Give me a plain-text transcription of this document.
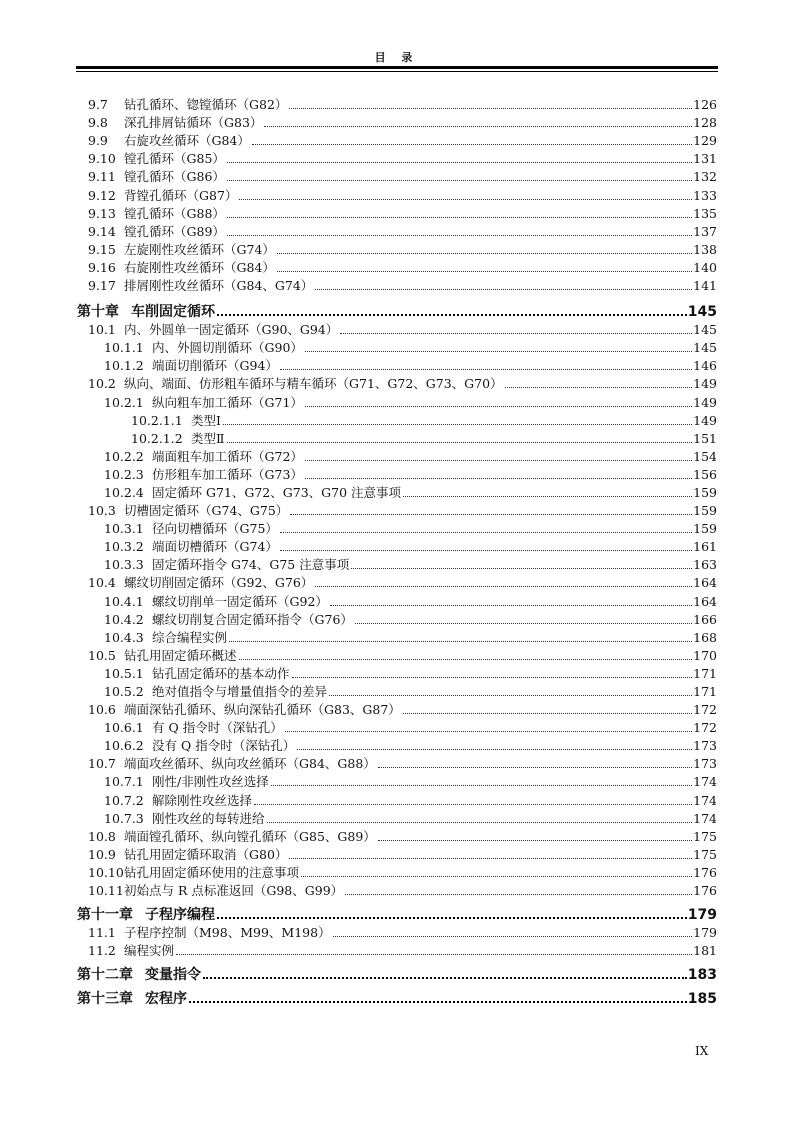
目 录
9.7	钻孔循环、锪镗循环（G82）	126
9.8	深孔排屑钻循环（G83）	128
9.9	右旋攻丝循环（G84）	129
9.10 镗孔循环（G85）	131
9.11 镗孔循环（G86）	132
9.12 背镗孔循环（G87）	133
9.13 镗孔循环（G88）	135
9.14 镗孔循环（G89）	137
9.15 左旋刚性攻丝循环（G74）	138
9.16 右旋刚性攻丝循环（G84）	140
9.17 排屑刚性攻丝循环（G84、G74）	141
第十章 车削固定循环	145
10.1 内、外圆单一固定循环（G90、G94）	145
10.1.1 内、外圆切削循环（G90）	145
10.1.2 端面切削循环（G94）	146
10.2 纵向、端面、仿形粗车循环与精车循环（G71、G72、G73、G70）	149
10.2.1 纵向粗车加工循环（G71）	149
10.2.1.1 类型Ⅰ	149
10.2.1.2 类型Ⅱ	151
10.2.2 端面粗车加工循环（G72）	154
10.2.3 仿形粗车加工循环（G73）	156
10.2.4 固定循环 G71、G72、G73、G70 注意事项	159
10.3 切槽固定循环（G74、G75）	159
10.3.1 径向切槽循环（G75）	159
10.3.2 端面切槽循环（G74）	161
10.3.3 固定循环指令 G74、G75 注意事项	163
10.4 螺纹切削固定循环（G92、G76）	164
10.4.1 螺纹切削单一固定循环（G92）	164
10.4.2 螺纹切削复合固定循环指令（G76）	166
10.4.3 综合编程实例	168
10.5 钻孔用固定循环概述	170
10.5.1 钻孔固定循环的基本动作	171
10.5.2 绝对值指令与增量值指令的差异	171
10.6 端面深钻孔循环、纵向深钻孔循环（G83、G87）	172
10.6.1 有 Q 指令时（深钻孔）	172
10.6.2 没有 Q 指令时（深钻孔）	173
10.7 端面攻丝循环、纵向攻丝循环（G84、G88）	173
10.7.1 刚性/非刚性攻丝选择	174
10.7.2 解除刚性攻丝选择	174
10.7.3 刚性攻丝的每转进给	174
10.8 端面镗孔循环、纵向镗孔循环（G85、G89）	175
10.9 钻孔用固定循环取消（G80）	175
10.10 钻孔用固定循环使用的注意事项	176
10.11 初始点与 R 点标准返回（G98、G99）	176
第十一章 子程序编程	179
11.1 子程序控制（M98、M99、M198）	179
11.2 编程实例	181
第十二章 变量指令	183
第十三章 宏程序	185
IX
